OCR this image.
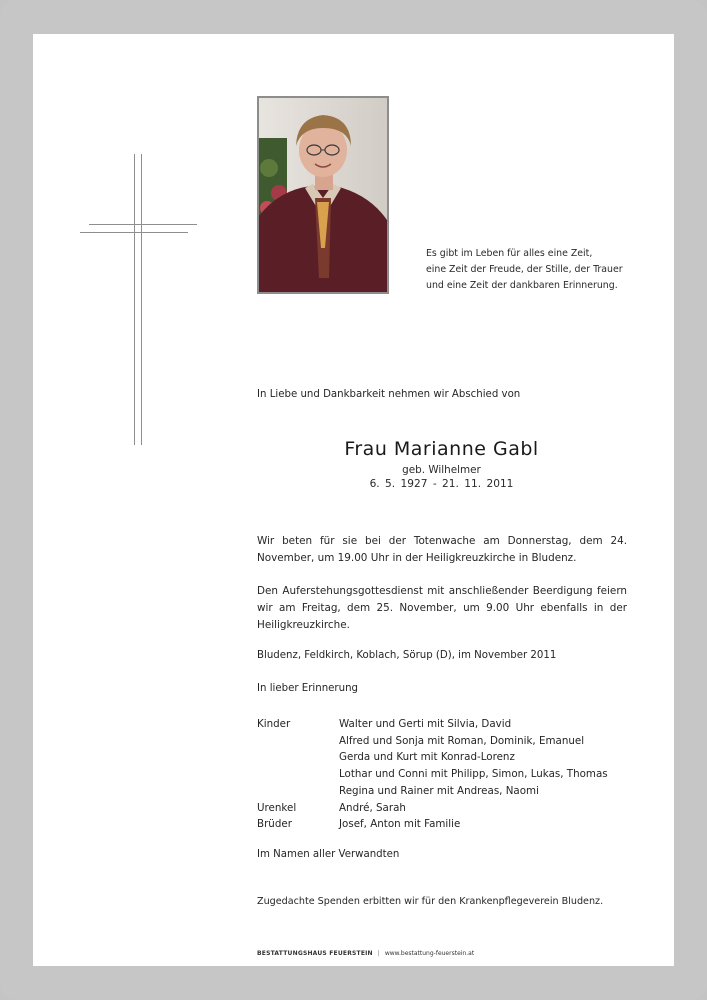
Es gibt im Leben für alles eine Zeit,
eine Zeit der Freude, der Stille, der Trauer
und eine Zeit der dankbaren Erinnerung.
In Liebe und Dankbarkeit nehmen wir Abschied von
Frau Marianne Gabl
geb. Wilhelmer
6. 5. 1927 - 21. 11. 2011
Wir beten für sie bei der Totenwache am Donnerstag, dem 24. November, um 19.00 Uhr in der Heiligkreuzkirche in Bludenz.
Den Auferstehungsgottesdienst mit anschließender Beerdigung feiern wir am Freitag, dem 25. November, um 9.00 Uhr ebenfalls in der Heiligkreuzkirche.
Bludenz, Feldkirch, Koblach, Sörup (D), im November 2011
In lieber Erinnerung
Kinder	Walter und Gerti mit Silvia, David
Alfred und Sonja mit Roman, Dominik, Emanuel
Gerda und Kurt mit Konrad-Lorenz
Lothar und Conni mit Philipp, Simon, Lukas, Thomas
Regina und Rainer mit Andreas, Naomi
Urenkel	André, Sarah
Brüder	Josef, Anton mit Familie
Im Namen aller Verwandten
Zugedachte Spenden erbitten wir für den Krankenpflegeverein Bludenz.
BESTATTUNGSHAUS FEUERSTEIN | www.bestattung-feuerstein.at
